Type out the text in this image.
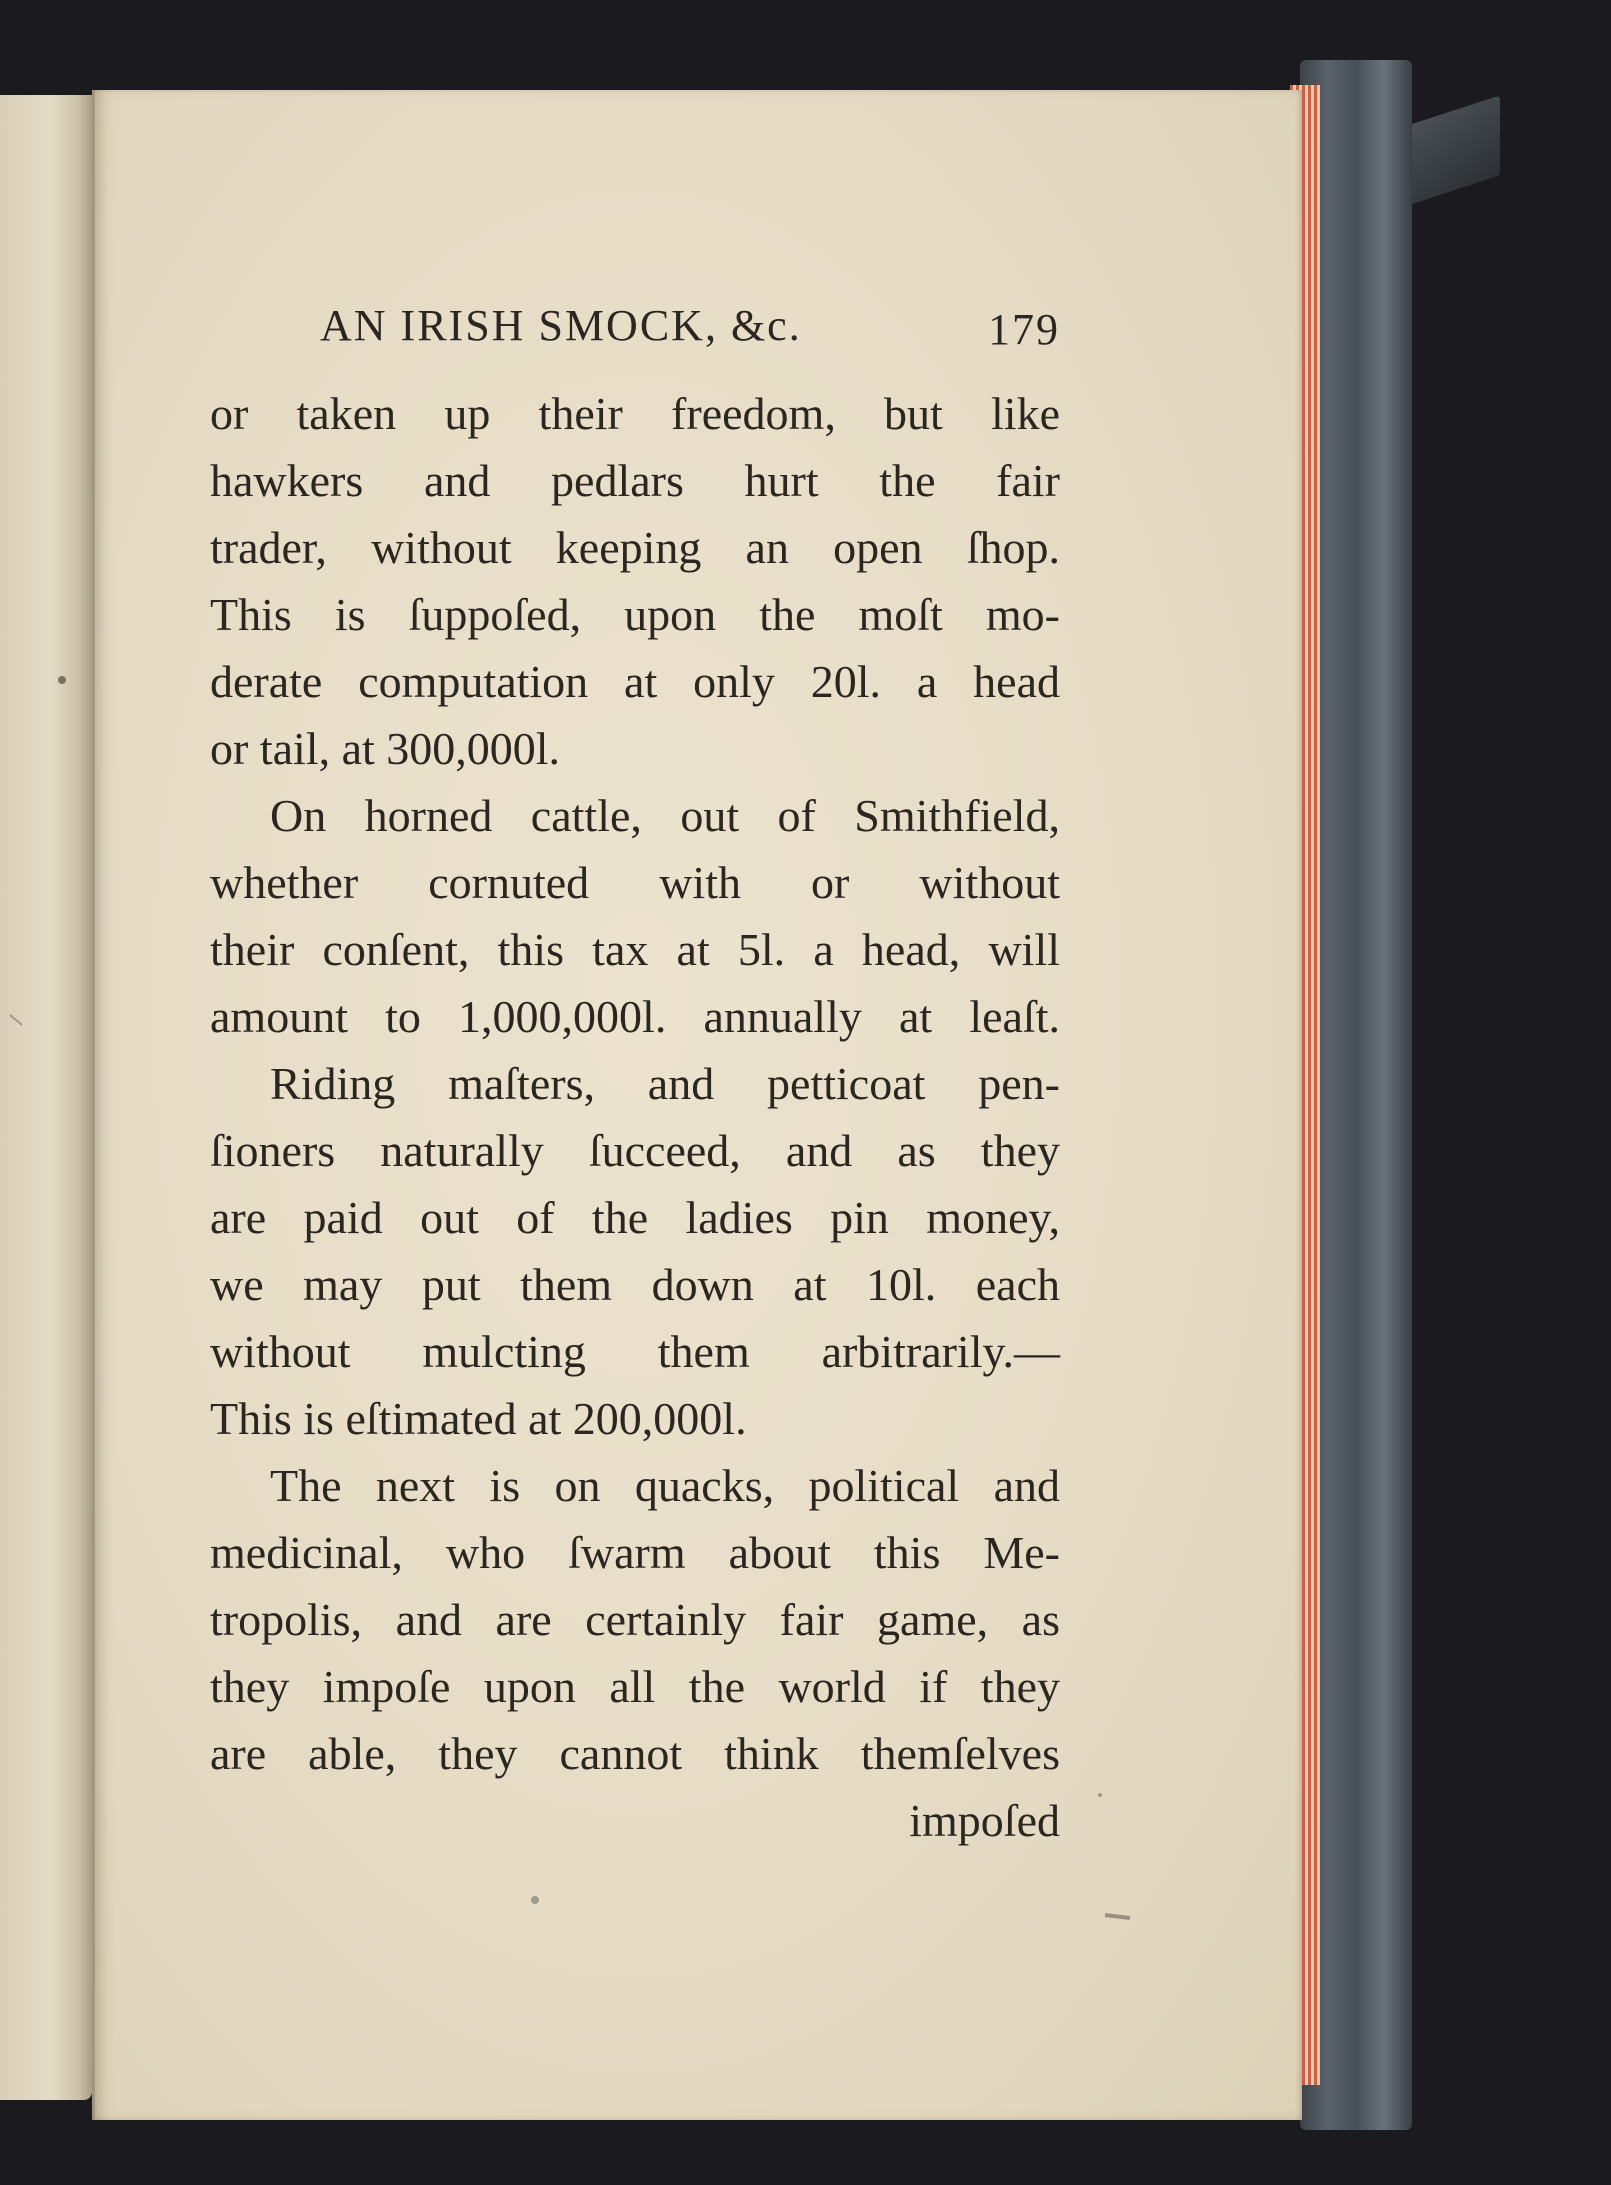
AN IRISH SMOCK, &c.	179
or taken up their freedom, but like
hawkers and pedlars hurt the fair
trader, without keeping an open ſhop.
This is ſuppoſed, upon the moſt mo-
derate computation at only 20l. a head
or tail, at 300,000l.
On horned cattle, out of Smithfield,
whether cornuted with or without
their conſent, this tax at 5l. a head, will
amount to 1,000,000l. annually at leaſt.
Riding maſters, and petticoat pen-
ſioners naturally ſucceed, and as they
are paid out of the ladies pin money,
we may put them down at 10l. each
without mulcting them arbitrarily.—
This is eſtimated at 200,000l.
The next is on quacks, political and
medicinal, who ſwarm about this Me-
tropolis, and are certainly fair game, as
they impoſe upon all the world if they
are able, they cannot think themſelves
impoſed
